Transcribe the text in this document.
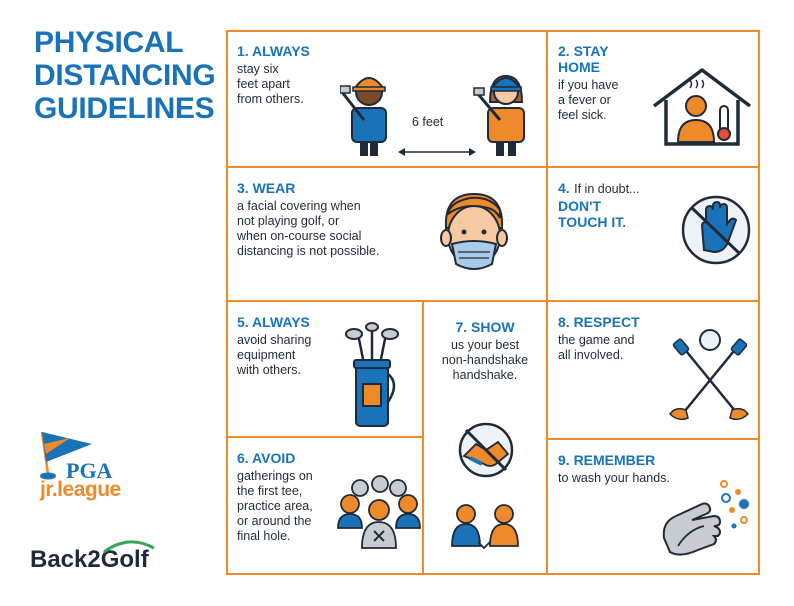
PHYSICAL
DISTANCING
GUIDELINES
1. ALWAYS
stay six
feet apart
from others.
6 feet
2. STAY
HOME
if you have
a fever or
feel sick.
3. WEAR
a facial covering when
not playing golf, or
when on-course social
distancing is not possible.
4. If in doubt...
DON'T
TOUCH IT.
5. ALWAYS
avoid sharing
equipment
with others.
6. AVOID
gatherings on
the first tee,
practice area,
or around the
final hole.
7. SHOW
us your best
non-handshake
handshake.
8. RESPECT
the game and
all involved.
9. REMEMBER
to wash your hands.
PGA
jr.league
Back2Golf
